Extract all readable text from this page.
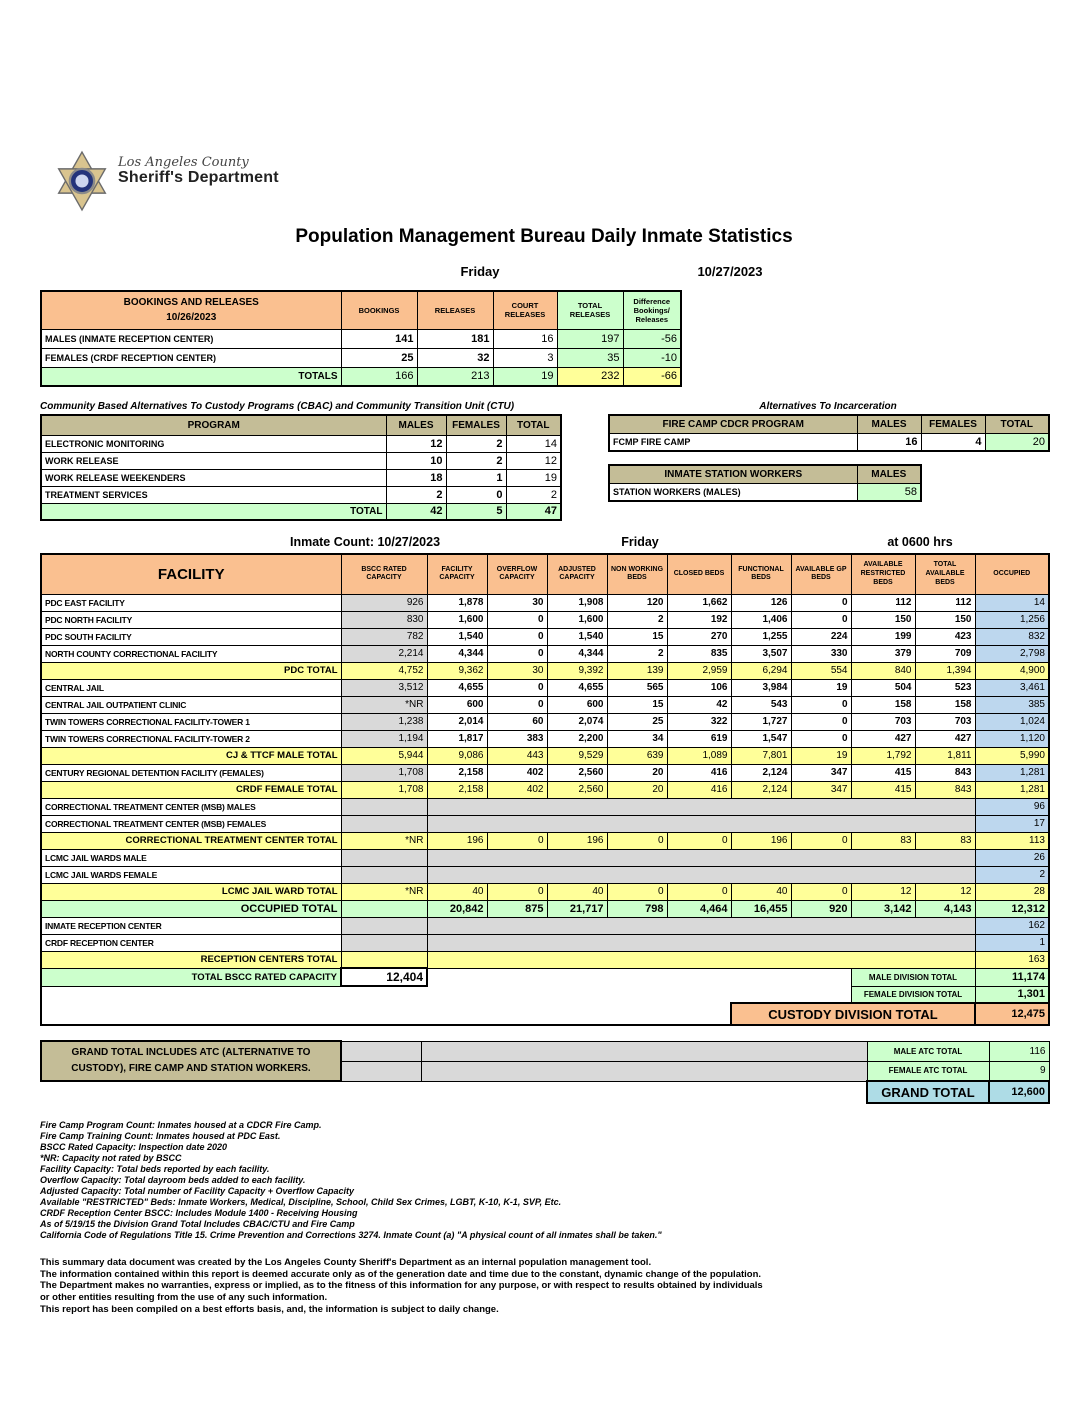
Los Angeles County
Sheriff's Department
Population Management Bureau Daily Inmate Statistics
Friday	10/27/2023
BOOKINGS AND RELEASES
10/26/2023	BOOKINGS	RELEASES	COURT RELEASES	TOTAL RELEASES	Difference Bookings/ Releases
MALES (INMATE RECEPTION CENTER)	141	181	16	197	-56
FEMALES (CRDF RECEPTION CENTER)	25	32	3	35	-10
TOTALS	166	213	19	232	-66
Community Based Alternatives To Custody Programs (CBAC) and Community Transition Unit (CTU)
PROGRAM	MALES	FEMALES	TOTAL
ELECTRONIC MONITORING	12	2	14
WORK RELEASE	10	2	12
WORK RELEASE WEEKENDERS	18	1	19
TREATMENT SERVICES	2	0	2
TOTAL	42	5	47
Alternatives To Incarceration
FIRE CAMP CDCR PROGRAM	MALES	FEMALES	TOTAL
FCMP FIRE CAMP	16	4	20
INMATE STATION WORKERS	MALES
STATION WORKERS (MALES)	58
Inmate Count: 10/27/2023	Friday	at 0600 hrs
FACILITY	BSCC RATED CAPACITY	FACILITY CAPACITY	OVERFLOW CAPACITY	ADJUSTED CAPACITY	NON WORKING BEDS	CLOSED BEDS	FUNCTIONAL BEDS	AVAILABLE GP BEDS	AVAILABLE RESTRICTED BEDS	TOTAL AVAILABLE BEDS	OCCUPIED
PDC EAST FACILITY	926	1,878	30	1,908	120	1,662	126	0	112	112	14
PDC NORTH FACILITY	830	1,600	0	1,600	2	192	1,406	0	150	150	1,256
PDC SOUTH FACILITY	782	1,540	0	1,540	15	270	1,255	224	199	423	832
NORTH COUNTY CORRECTIONAL FACILITY	2,214	4,344	0	4,344	2	835	3,507	330	379	709	2,798
PDC TOTAL	4,752	9,362	30	9,392	139	2,959	6,294	554	840	1,394	4,900
CENTRAL JAIL	3,512	4,655	0	4,655	565	106	3,984	19	504	523	3,461
CENTRAL JAIL OUTPATIENT CLINIC	*NR	600	0	600	15	42	543	0	158	158	385
TWIN TOWERS CORRECTIONAL FACILITY-TOWER 1	1,238	2,014	60	2,074	25	322	1,727	0	703	703	1,024
TWIN TOWERS CORRECTIONAL FACILITY-TOWER 2	1,194	1,817	383	2,200	34	619	1,547	0	427	427	1,120
CJ & TTCF MALE TOTAL	5,944	9,086	443	9,529	639	1,089	7,801	19	1,792	1,811	5,990
CENTURY REGIONAL DETENTION FACILITY (FEMALES)	1,708	2,158	402	2,560	20	416	2,124	347	415	843	1,281
CRDF FEMALE TOTAL	1,708	2,158	402	2,560	20	416	2,124	347	415	843	1,281
CORRECTIONAL TREATMENT CENTER (MSB) MALES											96
CORRECTIONAL TREATMENT CENTER (MSB) FEMALES											17
CORRECTIONAL TREATMENT CENTER TOTAL	*NR	196	0	196	0	0	196	0	83	83	113
LCMC JAIL WARDS MALE											26
LCMC JAIL WARDS FEMALE											2
LCMC JAIL WARD TOTAL	*NR	40	0	40	0	0	40	0	12	12	28
OCCUPIED TOTAL		20,842	875	21,717	798	4,464	16,455	920	3,142	4,143	12,312
INMATE RECEPTION CENTER											162
CRDF RECEPTION CENTER											1
RECEPTION CENTERS TOTAL											163
TOTAL BSCC RATED CAPACITY	12,404								MALE DIVISION TOTAL		11,174
									FEMALE DIVISION TOTAL		1,301
							CUSTODY DIVISION TOTAL				12,475
GRAND TOTAL INCLUDES ATC (ALTERNATIVE TO
CUSTODY), FIRE CAMP AND STATION WORKERS.			MALE ATC TOTAL	116
			FEMALE ATC TOTAL	9
			GRAND TOTAL	12,600
Fire Camp Program Count: Inmates housed at a CDCR Fire Camp.
Fire Camp Training Count: Inmates housed at PDC East.
BSCC Rated Capacity: Inspection date 2020
*NR: Capacity not rated by BSCC
Facility Capacity: Total beds reported by each facility.
Overflow Capacity: Total dayroom beds added to each facility.
Adjusted Capacity: Total number of Facility Capacity + Overflow Capacity
Available "RESTRICTED" Beds: Inmate Workers, Medical, Discipline, School, Child Sex Crimes, LGBT, K-10, K-1, SVP, Etc.
CRDF Reception Center BSCC: Includes Module 1400 - Receiving Housing
As of 5/19/15 the Division Grand Total Includes CBAC/CTU and Fire Camp
California Code of Regulations Title 15. Crime Prevention and Corrections 3274. Inmate Count (a) "A physical count of all inmates shall be taken."
This summary data document was created by the Los Angeles County Sheriff's Department as an internal population management tool.
The information contained within this report is deemed accurate only as of the generation date and time due to the constant, dynamic change of the population.
The Department makes no warranties, express or implied, as to the fitness of this information for any purpose, or with respect to results obtained by individuals
or other entities resulting from the use of any such information.
This report has been compiled on a best efforts basis, and, the information is subject to daily change.
